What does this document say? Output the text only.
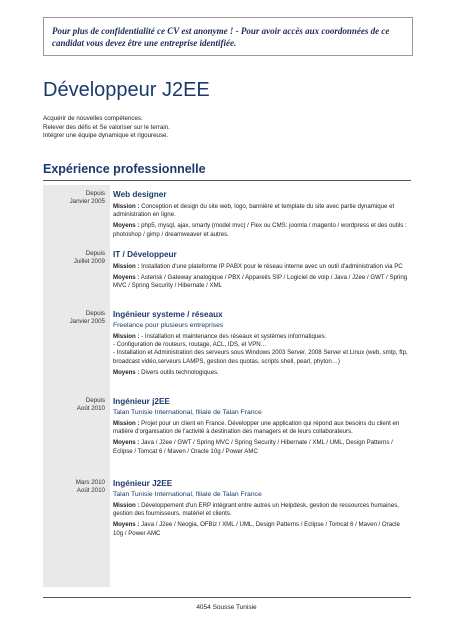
Pour plus de confidentialité ce CV est anonyme ! - Pour avoir accès aux coordonnées de ce candidat vous devez être une entreprise identifiée.
Développeur J2EE
Acquérir de nouvelles compétences.
Relever des défis et Se valoriser sur le terrain.
Intégrer une équipe dynamique et rigoureuse.
Expérience professionnelle
Depuis
Janvier 2005
Web designer
Mission : Conception et design du site web, logo, bannière et template du site avec partie dynamique et administration en ligne.
Moyens : php5, mysql, ajax, smarty (model mvc) / Flex ou CMS: joomla / magento / wordpress et des outils : photoshop / gimp / dreamweaver et autres.
Depuis
Juillet 2009
IT / Développeur
Mission : Installation d'une plateforme IP PABX pour le réseau interne avec un outil d'administration via PC
Moyens : Asterisk / Gateway analogique / PBX / Appareils SIP / Logiciel de voip / Java / J2ee / GWT / Spring MVC / Spring Security / Hibernate / XML
Depuis
Janvier 2005
Ingénieur systeme / réseaux
Freelance pour plusieurs entreprises
Mission : - Installation et maintenance des réseaux et systèmes informatiques.
- Configuration de routeurs, routage, ACL, IDS, et VPN…
- Installation et Administration des serveurs sous Windows 2003 Server, 2008 Server et Linux (web, smtp, ftp, broadcast vidéo,serveurs LAMPS, gestion des quotas, scripts shell, pearl, phyton…)
Moyens : Divers outils technologiques.
Depuis
Août 2010
Ingénieur j2EE
Talan Tunisie International, filiale de Talan France
Mission : Projet pour un client en France. Développer une application qui répond aux besoins du client en matière d'organisation de l'activité à destination des managers et de leurs collaborateurs.
Moyens : Java / J2ee / GWT / Spring MVC / Spring Security / Hibernate / XML / UML, Design Patterns / Eclipse / Tomcat 6 / Maven / Oracle 10g / Power AMC
Mars 2010
Août 2010
Ingénieur J2EE
Talan Tunisie International, filiale de Talan France
Mission : Développement d'un ERP intégrant entre autres un Helpdesk, gestion de ressources humaines, gestion des fournisseurs, matériel et clients.
Moyens : Java / J2ee / Neogia, OFBiz / XML / UML, Design Patterns / Eclipse / Tomcat 6 / Maven / Oracle 10g / Power AMC
4054 Sousse Tunisie
